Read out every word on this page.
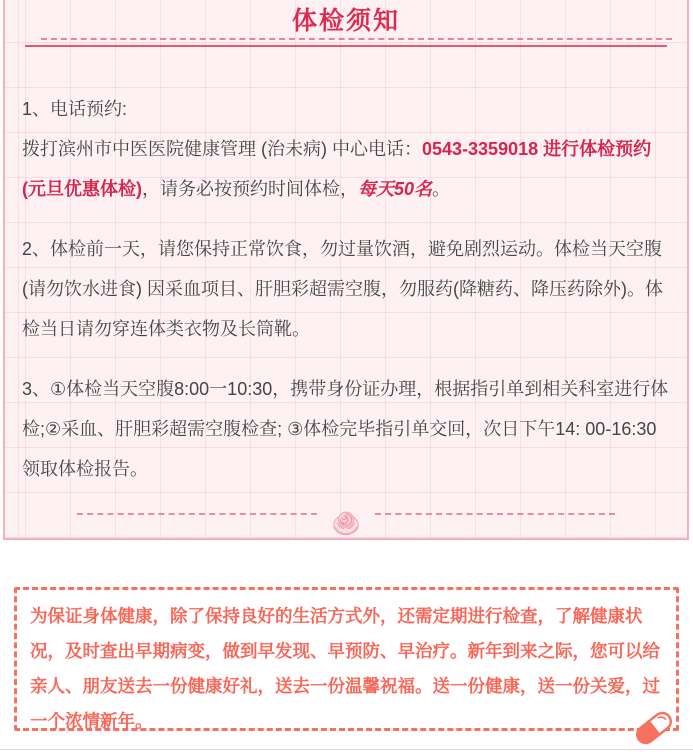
体检须知

1、电话预约:

拨打滨州市中医医院健康管理 (治未病) 中心电话：0543-3359018 进行体检预约(元旦优惠体检)，请务必按预约时间体检，每天50名。

2、体检前一天，请您保持正常饮食，勿过量饮酒，避免剧烈运动。体检当天空腹(请勿饮水进食) 因采血项目、肝胆彩超需空腹，勿服药(降糖药、降压药除外)。体检当日请勿穿连体类衣物及长筒靴。

3、①体检当天空腹8:00一10:30，携带身份证办理，根据指引单到相关科室进行体检;②采血、肝胆彩超需空腹检查; ③体检完毕指引单交回，次日下午14: 00-16:30领取体检报告。

为保证身体健康，除了保持良好的生活方式外，还需定期进行检查，了解健康状况，及时查出早期病变，做到早发现、早预防、早治疗。新年到来之际，您可以给亲人、朋友送去一份健康好礼，送去一份温馨祝福。送一份健康，送一份关爱，过一个浓情新年。
